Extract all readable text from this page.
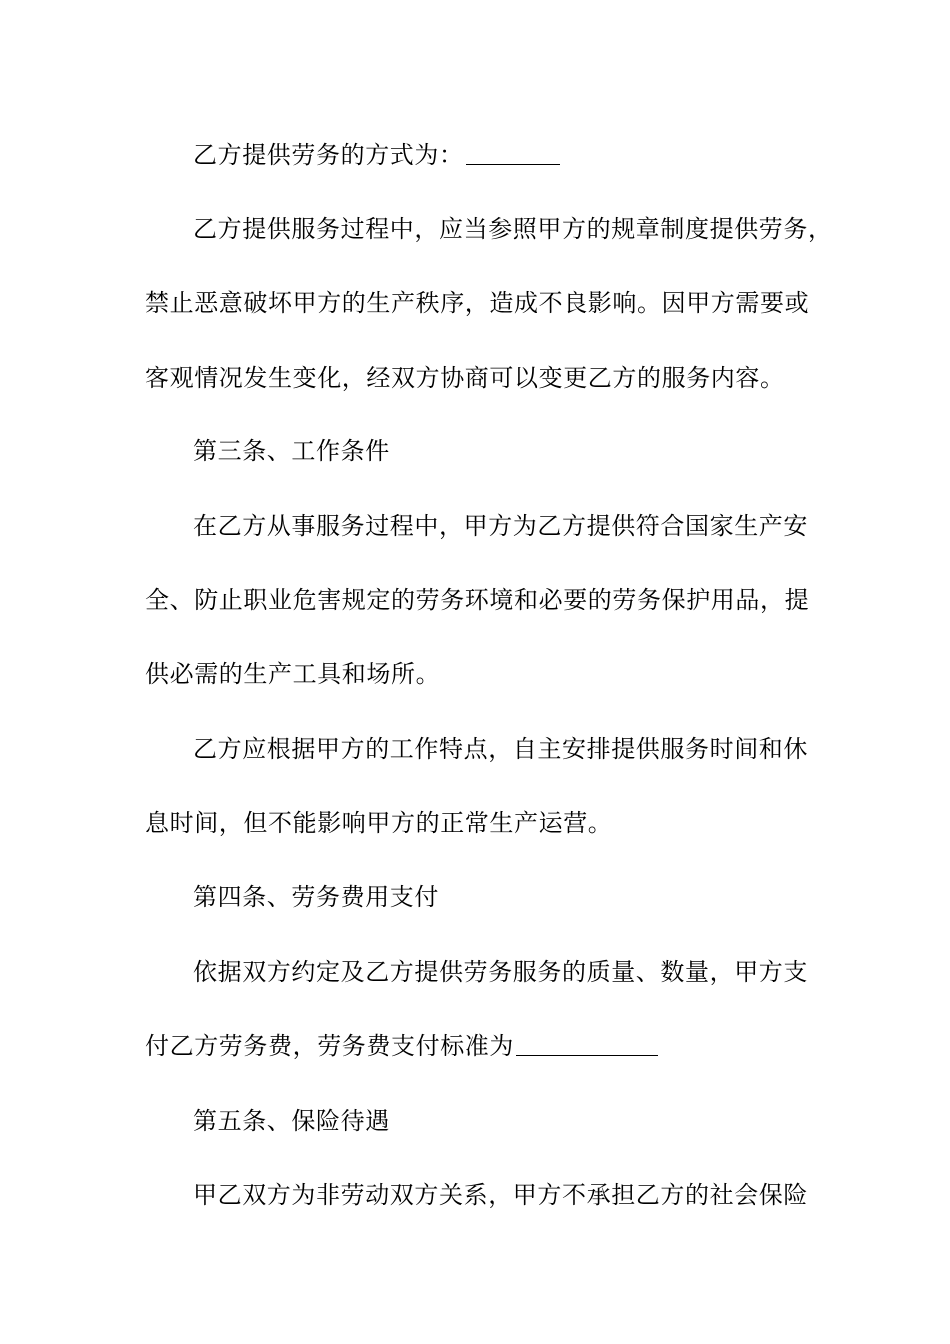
乙方提供劳务的方式为：
乙方提供服务过程中，应当参照甲方的规章制度提供劳务，
禁止恶意破坏甲方的生产秩序，造成不良影响。因甲方需要或
客观情况发生变化，经双方协商可以变更乙方的服务内容。
第三条、工作条件
在乙方从事服务过程中，甲方为乙方提供符合国家生产安
全、防止职业危害规定的劳务环境和必要的劳务保护用品，提
供必需的生产工具和场所。
乙方应根据甲方的工作特点，自主安排提供服务时间和休
息时间，但不能影响甲方的正常生产运营。
第四条、劳务费用支付
依据双方约定及乙方提供劳务服务的质量、数量，甲方支
付乙方劳务费，劳务费支付标准为
第五条、保险待遇
甲乙双方为非劳动双方关系，甲方不承担乙方的社会保险
